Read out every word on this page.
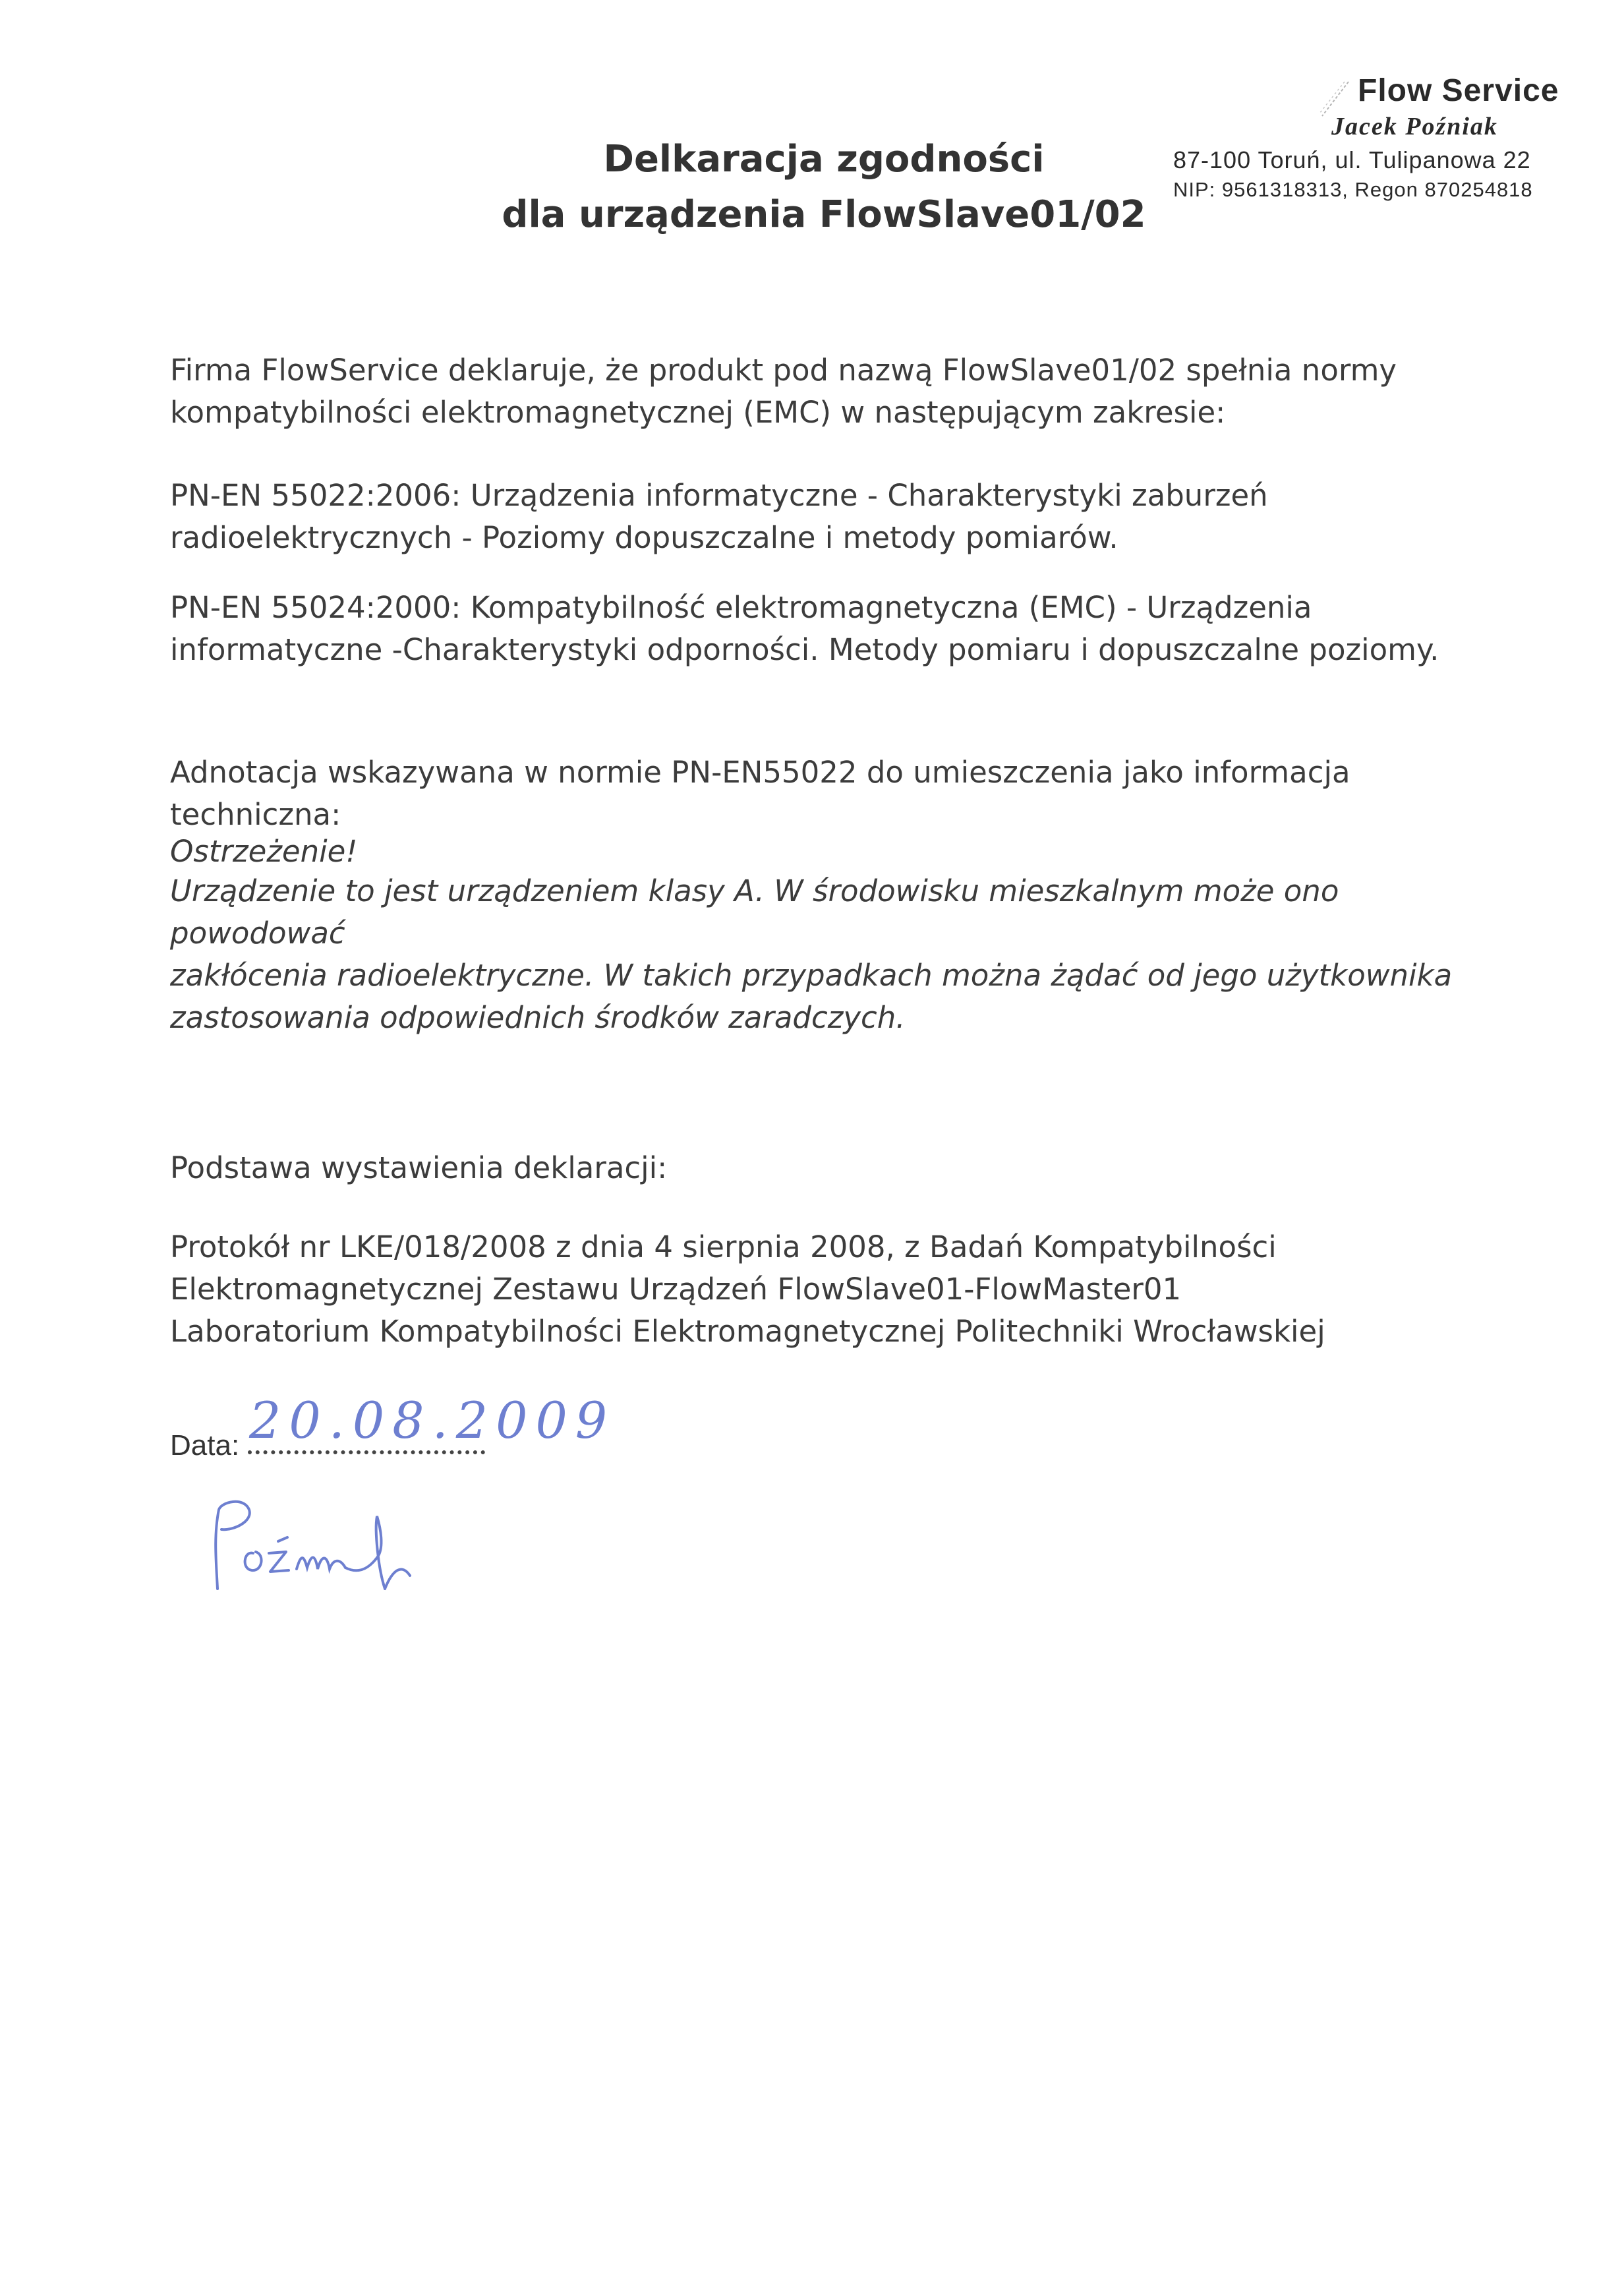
Delkaracja zgodności
dla urządzenia FlowSlave01/02
Flow Service
Jacek Poźniak
87-100 Toruń, ul. Tulipanowa 22
NIP: 9561318313, Regon 870254818
Firma FlowService deklaruje, że produkt pod nazwą FlowSlave01/02 spełnia normy
kompatybilności elektromagnetycznej (EMC) w następującym zakresie:
PN-EN 55022:2006: Urządzenia informatyczne - Charakterystyki zaburzeń
radioelektrycznych - Poziomy dopuszczalne i metody pomiarów.
PN-EN 55024:2000: Kompatybilność elektromagnetyczna (EMC) - Urządzenia
informatyczne -Charakterystyki odporności. Metody pomiaru i dopuszczalne poziomy.
Adnotacja wskazywana w normie PN-EN55022 do umieszczenia jako informacja techniczna:
Ostrzeżenie!
Urządzenie to jest urządzeniem klasy A. W środowisku mieszkalnym może ono powodować
zakłócenia radioelektryczne. W takich przypadkach można żądać od jego użytkownika
zastosowania odpowiednich środków zaradczych.
Podstawa wystawienia deklaracji:
Protokół nr LKE/018/2008 z dnia 4 sierpnia 2008, z Badań Kompatybilności
Elektromagnetycznej Zestawu Urządzeń FlowSlave01-FlowMaster01
Laboratorium Kompatybilności Elektromagnetycznej Politechniki Wrocławskiej
Data: 20.08.2009
